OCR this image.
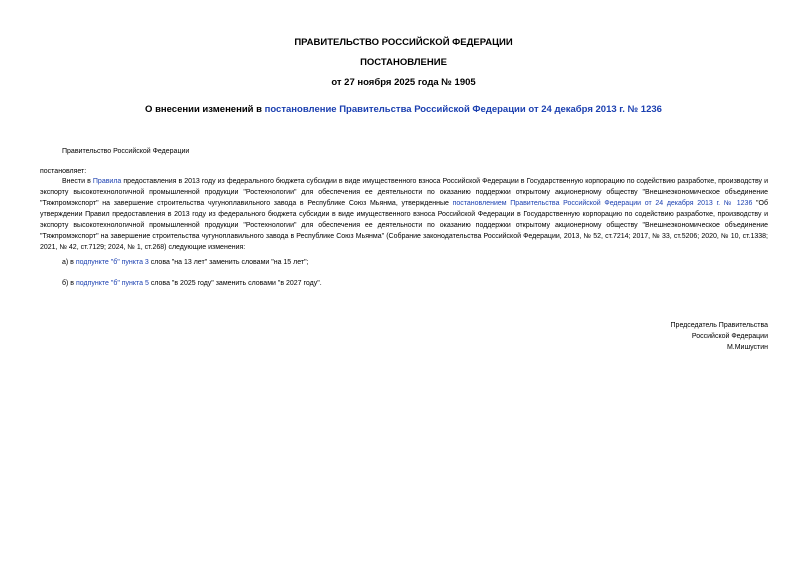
ПРАВИТЕЛЬСТВО РОССИЙСКОЙ ФЕДЕРАЦИИ
ПОСТАНОВЛЕНИЕ
от 27 ноября 2025 года № 1905
О внесении изменений в постановление Правительства Российской Федерации от 24 декабря 2013 г. № 1236
Правительство Российской Федерации
постановляет:
Внести в Правила предоставления в 2013 году из федерального бюджета субсидии в виде имущественного взноса Российской Федерации в Государственную корпорацию по содействию разработке, производству и экспорту высокотехнологичной промышленной продукции "Ростехнологии" для обеспечения ее деятельности по оказанию поддержки открытому акционерному обществу "Внешнеэкономическое объединение "Тяжпромэкспорт" на завершение строительства чугуноплавильного завода в Республике Союз Мьянма, утвержденные постановлением Правительства Российской Федерации от 24 декабря 2013 г. № 1236 "Об утверждении Правил предоставления в 2013 году из федерального бюджета субсидии в виде имущественного взноса Российской Федерации в Государственную корпорацию по содействию разработке, производству и экспорту высокотехнологичной промышленной продукции "Ростехнологии" для обеспечения ее деятельности по оказанию поддержки открытому акционерному обществу "Внешнеэкономическое объединение "Тяжпромэкспорт" на завершение строительства чугуноплавильного завода в Республике Союз Мьянма" (Собрание законодательства Российской Федерации, 2013, № 52, ст.7214; 2017, № 33, ст.5206; 2020, № 10, ст.1338; 2021, № 42, ст.7129; 2024, № 1, ст.268) следующие изменения:
а) в подпункте "б" пункта 3 слова "на 13 лет" заменить словами "на 15 лет";
б) в подпункте "б" пункта 5 слова "в 2025 году" заменить словами "в 2027 году".
Председатель Правительства
Российской Федерации
М.Мишустин
